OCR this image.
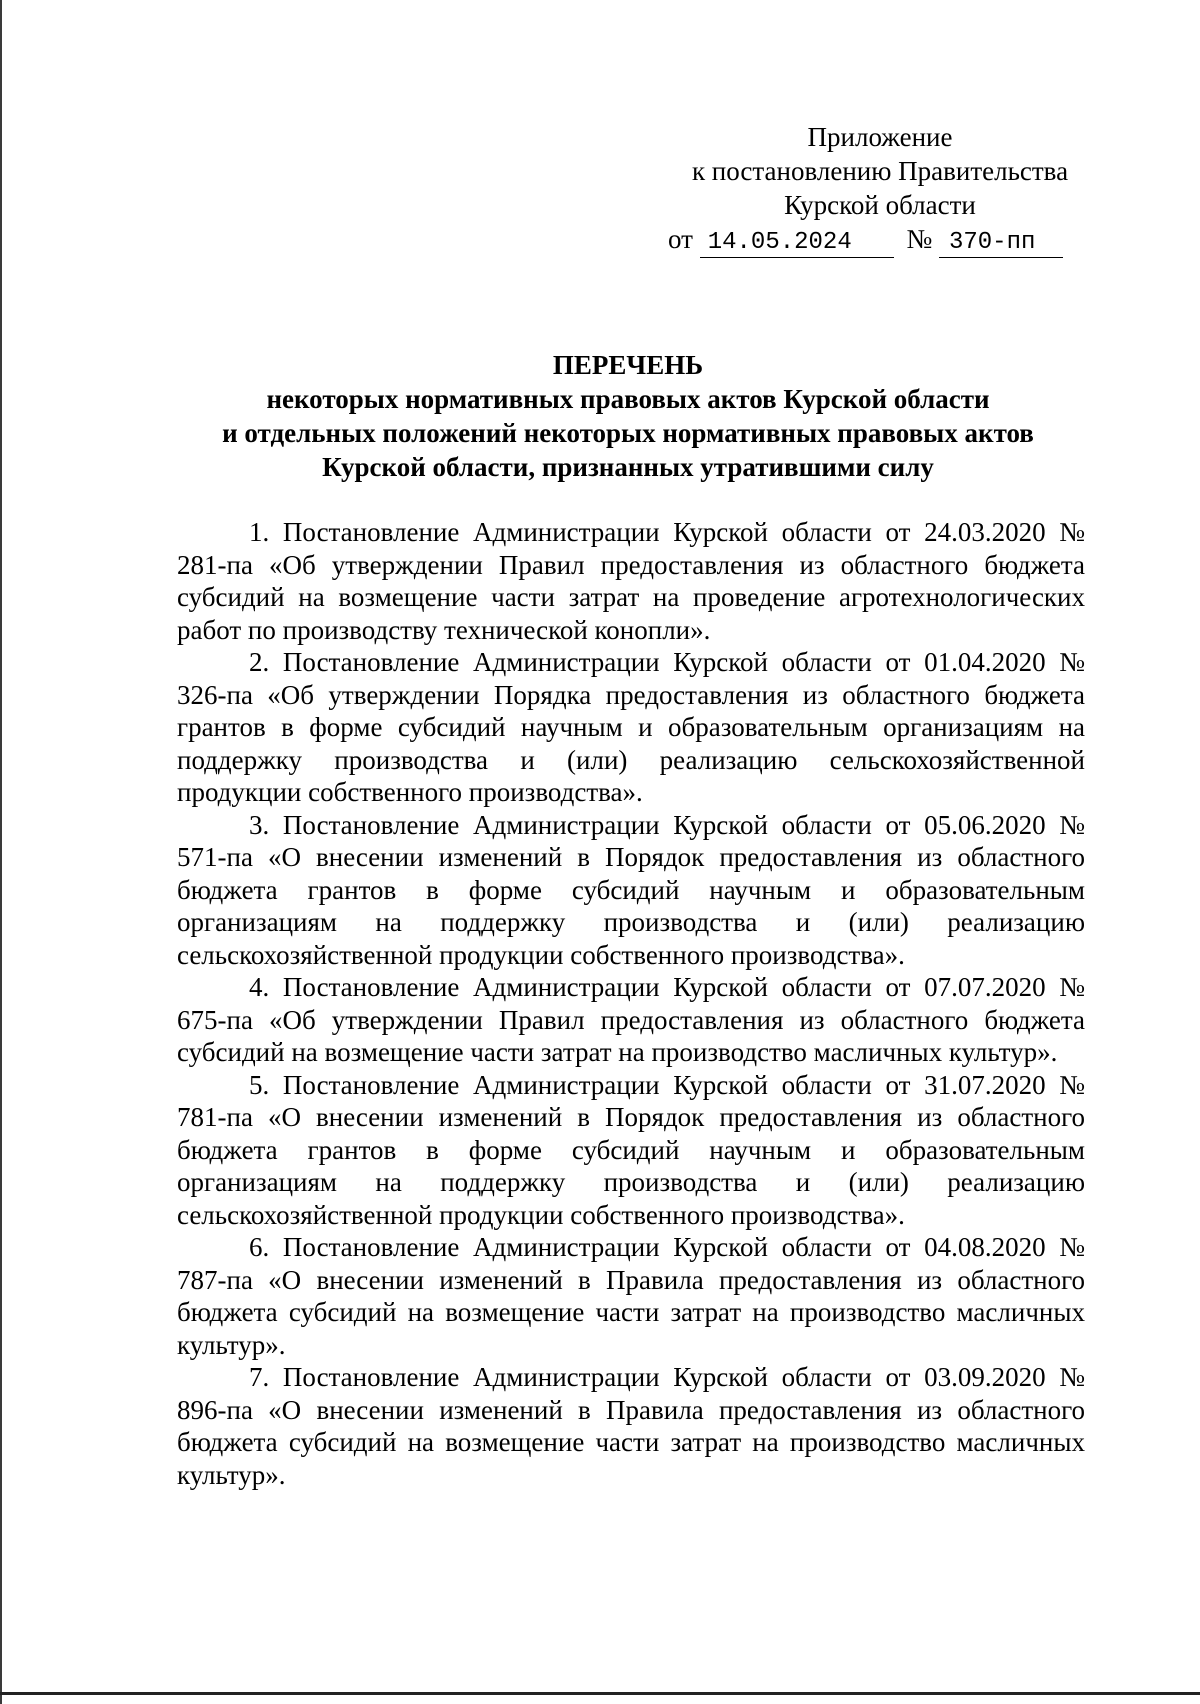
Приложение
к постановлению Правительства
Курской области
от 14.05.2024 № 370-пп
ПЕРЕЧЕНЬ
некоторых нормативных правовых актов Курской области
и отдельных положений некоторых нормативных правовых актов
Курской области, признанных утратившими силу

1. Постановление Администрации Курской области от 24.03.2020 № 281-па «Об утверждении Правил предоставления из областного бюджета субсидий на возмещение части затрат на проведение агротехнологических работ по производству технической конопли».

2. Постановление Администрации Курской области от 01.04.2020 № 326-па «Об утверждении Порядка предоставления из областного бюджета грантов в форме субсидий научным и образовательным организациям на поддержку производства и (или) реализацию сельскохозяйственной продукции собственного производства».

3. Постановление Администрации Курской области от 05.06.2020 № 571-па «О внесении изменений в Порядок предоставления из областного бюджета грантов в форме субсидий научным и образовательным организациям на поддержку производства и (или) реализацию сельскохозяйственной продукции собственного производства».

4. Постановление Администрации Курской области от 07.07.2020 № 675-па «Об утверждении Правил предоставления из областного бюджета субсидий на возмещение части затрат на производство масличных культур».

5. Постановление Администрации Курской области от 31.07.2020 № 781-па «О внесении изменений в Порядок предоставления из областного бюджета грантов в форме субсидий научным и образовательным организациям на поддержку производства и (или) реализацию сельскохозяйственной продукции собственного производства».

6. Постановление Администрации Курской области от 04.08.2020 № 787-па «О внесении изменений в Правила предоставления из областного бюджета субсидий на возмещение части затрат на производство масличных культур».

7. Постановление Администрации Курской области от 03.09.2020 № 896-па «О внесении изменений в Правила предоставления из областного бюджета субсидий на возмещение части затрат на производство масличных культур».
